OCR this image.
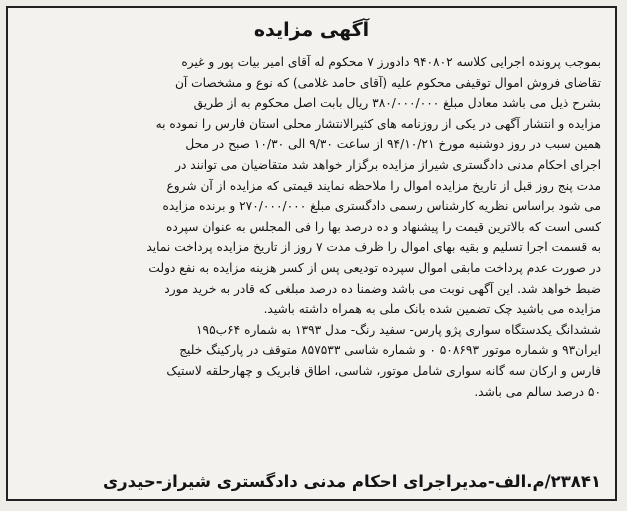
آگهی مزایده
بموجب پرونده اجرایی کلاسه ۹۴۰۸۰۲ دادورز ۷ محکوم له آقای امیر بیات پور و غیره
تقاضای فروش اموال توقیفی محکوم علیه (آقای حامد غلامی) که نوع و مشخصات آن
بشرح ذیل می باشد معادل مبلغ ۳۸۰/۰۰۰/۰۰۰ ریال بابت اصل محکوم به از طریق
مزایده و انتشار آگهی در یکی از روزنامه های کثیرالانتشار محلی استان فارس را نموده به
همین سبب در روز دوشنبه مورخ ۹۴/۱۰/۲۱ از ساعت ۹/۳۰ الی ۱۰/۳۰ صبح در محل
اجرای احکام مدنی دادگستری شیراز مزایده برگزار خواهد شد متقاضیان می توانند در
مدت پنج روز قبل از تاریخ مزایده اموال را ملاحظه نمایند قیمتی که مزایده از آن شروع
می شود براساس نظریه کارشناس رسمی دادگستری مبلغ ۲۷۰/۰۰۰/۰۰۰ و برنده مزایده
کسی است که بالاترین قیمت را پیشنهاد و ده درصد بها را فی المجلس به عنوان سپرده
به قسمت اجرا تسلیم و بقیه بهای اموال را ظرف مدت ۷ روز از تاریخ مزایده پرداخت نماید
در صورت عدم پرداخت مابقی اموال سپرده تودیعی پس از کسر هزینه مزایده به نفع دولت
ضبط خواهد شد. این آگهی نوبت می باشد وضمنا ده درصد مبلغی که قادر به خرید مورد
مزایده می باشید چک تضمین شده بانک ملی به همراه داشته باشید.
ششدانگ یکدستگاه سواری پژو پارس- سفید رنگ- مدل ۱۳۹۳ به شماره ۶۴ب۱۹۵
ایران۹۳ و شماره موتور ۵۰۸۶۹۳ ۰ و شماره شاسی ۸۵۷۵۳۳ متوقف در پارکینگ خلیج
فارس و ارکان سه گانه سواری شامل موتور، شاسی، اطاق فابریک و چهارحلقه لاستیک
۵۰ درصد سالم می باشد.
۲۳۸۴۱/م.الف-مدیراجرای احکام مدنی دادگستری شیراز-حیدری
